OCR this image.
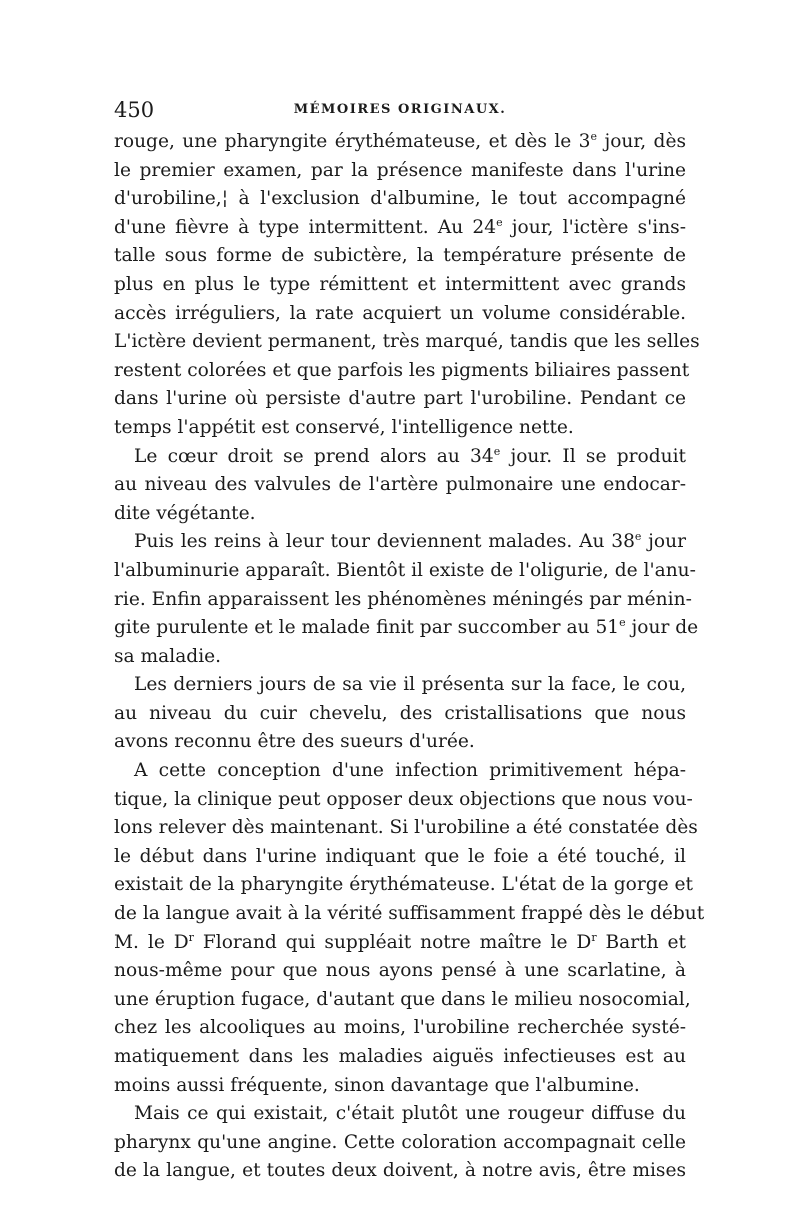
450	MÉMOIRES ORIGINAUX.
rouge, une pharyngite érythémateuse, et dès le 3e jour, dès
le premier examen, par la présence manifeste dans l'urine
d'urobiline,¦ à l'exclusion d'albumine, le tout accompagné
d'une fièvre à type intermittent. Au 24e jour, l'ictère s'ins-
talle sous forme de subictère, la température présente de
plus en plus le type rémittent et intermittent avec grands
accès irréguliers, la rate acquiert un volume considérable.
L'ictère devient permanent, très marqué, tandis que les selles
restent colorées et que parfois les pigments biliaires passent
dans l'urine où persiste d'autre part l'urobiline. Pendant ce
temps l'appétit est conservé, l'intelligence nette.
Le cœur droit se prend alors au 34e jour. Il se produit
au niveau des valvules de l'artère pulmonaire une endocar-
dite végétante.
Puis les reins à leur tour deviennent malades. Au 38e jour
l'albuminurie apparaît. Bientôt il existe de l'oligurie, de l'anu-
rie. Enfin apparaissent les phénomènes méningés par ménin-
gite purulente et le malade finit par succomber au 51e jour de
sa maladie.
Les derniers jours de sa vie il présenta sur la face, le cou,
au niveau du cuir chevelu, des cristallisations que nous
avons reconnu être des sueurs d'urée.
A cette conception d'une infection primitivement hépa-
tique, la clinique peut opposer deux objections que nous vou-
lons relever dès maintenant. Si l'urobiline a été constatée dès
le début dans l'urine indiquant que le foie a été touché, il
existait de la pharyngite érythémateuse. L'état de la gorge et
de la langue avait à la vérité suffisamment frappé dès le début
M. le $D^r$ Florand qui suppléait notre maître le $D^r$ Barth et
nous-même pour que nous ayons pensé à une scarlatine, à
une éruption fugace, d'autant que dans le milieu nosocomial,
chez les alcooliques au moins, l'urobiline recherchée systé-
matiquement dans les maladies aiguës infectieuses est au
moins aussi fréquente, sinon davantage que l'albumine.
Mais ce qui existait, c'était plutôt une rougeur diffuse du
pharynx qu'une angine. Cette coloration accompagnait celle
de la langue, et toutes deux doivent, à notre avis, être mises
